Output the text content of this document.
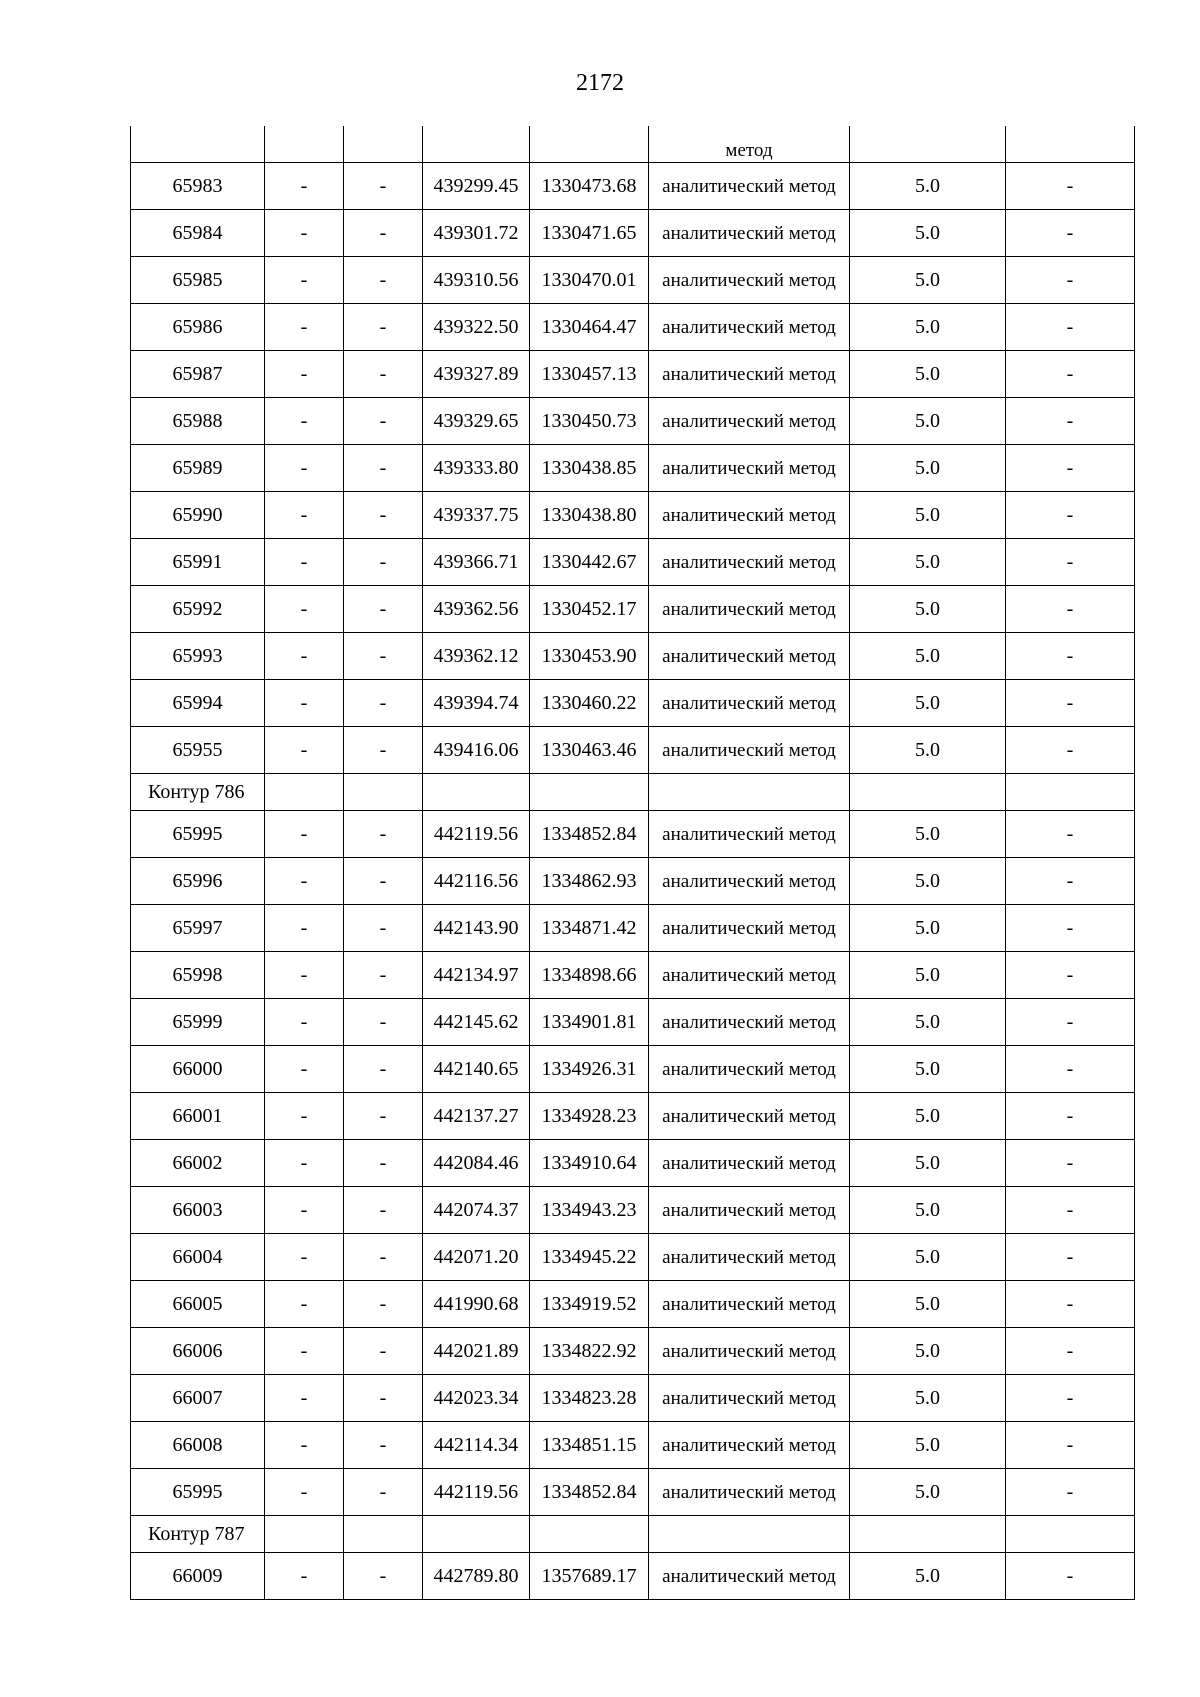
2172
					метод		
65983	-	-	439299.45	1330473.68	аналитический метод	5.0	-
65984	-	-	439301.72	1330471.65	аналитический метод	5.0	-
65985	-	-	439310.56	1330470.01	аналитический метод	5.0	-
65986	-	-	439322.50	1330464.47	аналитический метод	5.0	-
65987	-	-	439327.89	1330457.13	аналитический метод	5.0	-
65988	-	-	439329.65	1330450.73	аналитический метод	5.0	-
65989	-	-	439333.80	1330438.85	аналитический метод	5.0	-
65990	-	-	439337.75	1330438.80	аналитический метод	5.0	-
65991	-	-	439366.71	1330442.67	аналитический метод	5.0	-
65992	-	-	439362.56	1330452.17	аналитический метод	5.0	-
65993	-	-	439362.12	1330453.90	аналитический метод	5.0	-
65994	-	-	439394.74	1330460.22	аналитический метод	5.0	-
65955	-	-	439416.06	1330463.46	аналитический метод	5.0	-
Контур 786							
65995	-	-	442119.56	1334852.84	аналитический метод	5.0	-
65996	-	-	442116.56	1334862.93	аналитический метод	5.0	-
65997	-	-	442143.90	1334871.42	аналитический метод	5.0	-
65998	-	-	442134.97	1334898.66	аналитический метод	5.0	-
65999	-	-	442145.62	1334901.81	аналитический метод	5.0	-
66000	-	-	442140.65	1334926.31	аналитический метод	5.0	-
66001	-	-	442137.27	1334928.23	аналитический метод	5.0	-
66002	-	-	442084.46	1334910.64	аналитический метод	5.0	-
66003	-	-	442074.37	1334943.23	аналитический метод	5.0	-
66004	-	-	442071.20	1334945.22	аналитический метод	5.0	-
66005	-	-	441990.68	1334919.52	аналитический метод	5.0	-
66006	-	-	442021.89	1334822.92	аналитический метод	5.0	-
66007	-	-	442023.34	1334823.28	аналитический метод	5.0	-
66008	-	-	442114.34	1334851.15	аналитический метод	5.0	-
65995	-	-	442119.56	1334852.84	аналитический метод	5.0	-
Контур 787							
66009	-	-	442789.80	1357689.17	аналитический метод	5.0	-
